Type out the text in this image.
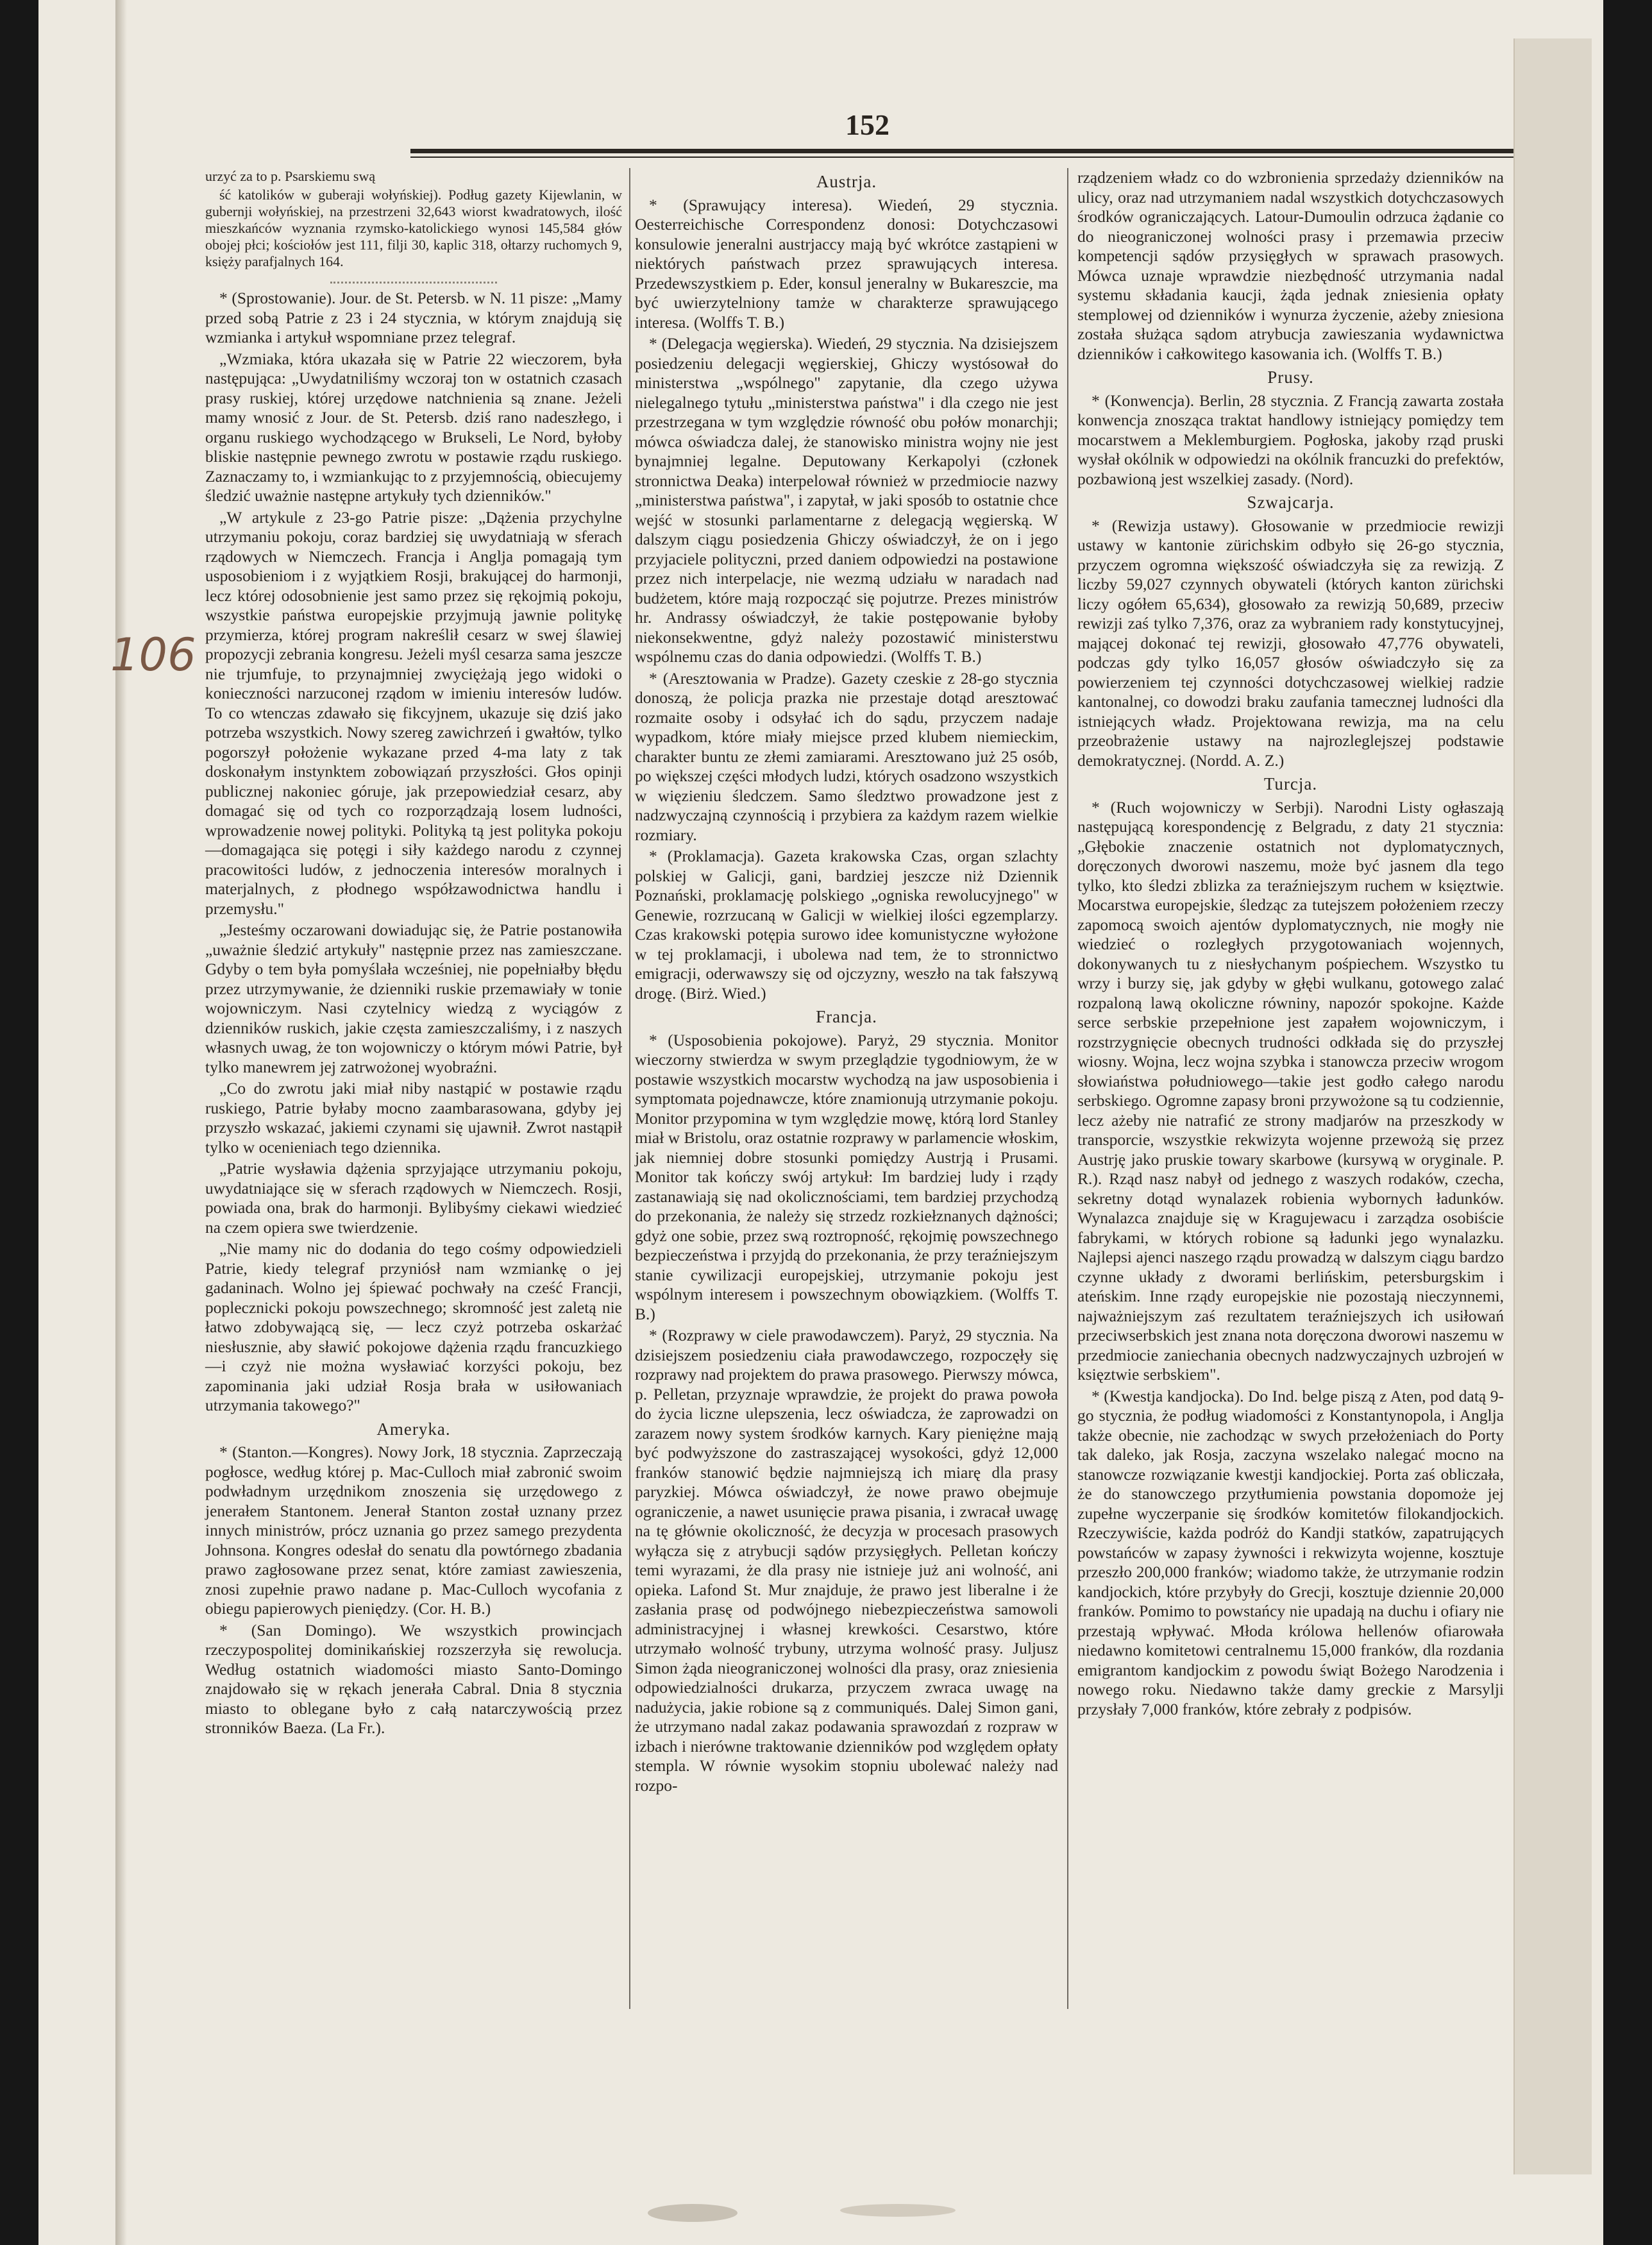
152
106

urzyć za to p. Psarskiemu swą

ść katolików w guberaji wołyńskiej). Podług gazety Kijewlanin, w gubernji wołyńskiej, na przestrzeni 32,643 wiorst kwadratowych, ilość mieszkańców wyznania rzymsko-katolickiego wynosi 145,584 głów obojej płci; kościołów jest 111, filji 30, kaplic 318, ołtarzy ruchomych 9, księży parafjalnych 164.

* (Sprostowanie). Jour. de St. Petersb. w N. 11 pisze: „Mamy przed sobą Patrie z 23 i 24 stycznia, w którym znajdują się wzmianka i artykuł wspomniane przez telegraf.

„Wzmiaka, która ukazała się w Patrie 22 wieczorem, była następująca: „Uwydatniliśmy wczoraj ton w ostatnich czasach prasy ruskiej, której urzędowe natchnienia są znane. Jeżeli mamy wnosić z Jour. de St. Petersb. dziś rano nadeszłego, i organu ruskiego wychodzącego w Brukseli, Le Nord, byłoby bliskie następnie pewnego zwrotu w postawie rządu ruskiego. Zaznaczamy to, i wzmiankując to z przyjemnością, obiecujemy śledzić uważnie następne artykuły tych dzienników."

„W artykule z 23-go Patrie pisze: „Dążenia przychylne utrzymaniu pokoju, coraz bardziej się uwydatniają w sferach rządowych w Niemczech. Francja i Anglja pomagają tym usposobieniom i z wyjątkiem Rosji, brakującej do harmonji, lecz której odosobnienie jest samo przez się rękojmią pokoju, wszystkie państwa europejskie przyjmują jawnie politykę przymierza, której program nakreślił cesarz w swej ślawiej propozycji zebrania kongresu. Jeżeli myśl cesarza sama jeszcze nie trjumfuje, to przynajmniej zwyciężają jego widoki o konieczności narzuconej rządom w imieniu interesów ludów. To co wtenczas zdawało się fikcyjnem, ukazuje się dziś jako potrzeba wszystkich. Nowy szereg zawichrzeń i gwałtów, tylko pogorszył położenie wykazane przed 4-ma laty z tak doskonałym instynktem zobowiązań przyszłości. Głos opinji publicznej nakoniec góruje, jak przepowiedział cesarz, aby domagać się od tych co rozporządzają losem ludności, wprowadzenie nowej polityki. Polityką tą jest polityka pokoju—domagająca się potęgi i siły każdego narodu z czynnej pracowitości ludów, z jednoczenia interesów moralnych i materjalnych, z płodnego współzawodnictwa handlu i przemysłu."

„Jesteśmy oczarowani dowiadując się, że Patrie postanowiła „uważnie śledzić artykuły" następnie przez nas zamieszczane. Gdyby o tem była pomyślała wcześniej, nie popełniałby błędu przez utrzymywanie, że dzienniki ruskie przemawiały w tonie wojowniczym. Nasi czytelnicy wiedzą z wyciągów z dzienników ruskich, jakie częsta zamieszczaliśmy, i z naszych własnych uwag, że ton wojowniczy o którym mówi Patrie, był tylko manewrem jej zatrwożonej wyobraźni.

„Co do zwrotu jaki miał niby nastąpić w postawie rządu ruskiego, Patrie byłaby mocno zaambarasowana, gdyby jej przyszło wskazać, jakiemi czynami się ujawnił. Zwrot nastąpił tylko w ocenieniach tego dziennika.

„Patrie wysławia dążenia sprzyjające utrzymaniu pokoju, uwydatniające się w sferach rządowych w Niemczech. Rosji, powiada ona, brak do harmonji. Bylibyśmy ciekawi wiedzieć na czem opiera swe twierdzenie.

„Nie mamy nic do dodania do tego cośmy odpowiedzieli Patrie, kiedy telegraf przyniósł nam wzmiankę o jej gadaninach. Wolno jej śpiewać pochwały na cześć Francji, poplecznicki pokoju powszechnego; skromność jest zaletą nie łatwo zdobywającą się, — lecz czyż potrzeba oskarżać niesłusznie, aby sławić pokojowe dążenia rządu francuzkiego—i czyż nie można wysławiać korzyści pokoju, bez zapominania jaki udział Rosja brała w usiłowaniach utrzymania takowego?"

Ameryka.

* (Stanton.—Kongres). Nowy Jork, 18 stycznia. Zaprzeczają pogłosce, według której p. Mac-Culloch miał zabronić swoim podwładnym urzędnikom znoszenia się urzędowego z jenerałem Stantonem. Jenerał Stanton został uznany przez innych ministrów, prócz uznania go przez samego prezydenta Johnsona. Kongres odesłał do senatu dla powtórnego zbadania prawo zagłosowane przez senat, które zamiast zawieszenia, znosi zupełnie prawo nadane p. Mac-Culloch wycofania z obiegu papierowych pieniędzy. (Cor. H. B.)

* (San Domingo). We wszystkich prowincjach rzeczypospolitej dominikańskiej rozszerzyła się rewolucja. Według ostatnich wiadomości miasto Santo-Domingo znajdowało się w rękach jenerała Cabral. Dnia 8 stycznia miasto to oblegane było z całą natarczywością przez stronników Baeza. (La Fr.).

Austrja.

* (Sprawujący interesa). Wiedeń, 29 stycznia. Oesterreichische Correspondenz donosi: Dotychczasowi konsulowie jeneralni austrjaccy mają być wkrótce zastąpieni w niektórych państwach przez sprawujących interesa. Przedewszystkiem p. Eder, konsul jeneralny w Bukareszcie, ma być uwierzytelniony tamże w charakterze sprawującego interesa. (Wolffs T. B.)

* (Delegacja węgierska). Wiedeń, 29 stycznia. Na dzisiejszem posiedzeniu delegacji węgierskiej, Ghiczy wystósował do ministerstwa „wspólnego" zapytanie, dla czego używa nielegalnego tytułu „ministerstwa państwa" i dla czego nie jest przestrzegana w tym względzie równość obu połów monarchji; mówca oświadcza dalej, że stanowisko ministra wojny nie jest bynajmniej legalne. Deputowany Kerkapolyi (członek stronnictwa Deaka) interpelował również w przedmiocie nazwy „ministerstwa państwa", i zapytał, w jaki sposób to ostatnie chce wejść w stosunki parlamentarne z delegacją węgierską. W dalszym ciągu posiedzenia Ghiczy oświadczył, że on i jego przyjaciele polityczni, przed daniem odpowiedzi na postawione przez nich interpelacje, nie wezmą udziału w naradach nad budżetem, które mają rozpocząć się pojutrze. Prezes ministrów hr. Andrassy oświadczył, że takie postępowanie byłoby niekonsekwentne, gdyż należy pozostawić ministerstwu wspólnemu czas do dania odpowiedzi. (Wolffs T. B.)

* (Aresztowania w Pradze). Gazety czeskie z 28-go stycznia donoszą, że policja prazka nie przestaje dotąd aresztować rozmaite osoby i odsyłać ich do sądu, przyczem nadaje wypadkom, które miały miejsce przed klubem niemieckim, charakter buntu ze złemi zamiarami. Aresztowano już 25 osób, po większej części młodych ludzi, których osadzono wszystkich w więzieniu śledczem. Samo śledztwo prowadzone jest z nadzwyczajną czynnością i przybiera za każdym razem wielkie rozmiary.

* (Proklamacja). Gazeta krakowska Czas, organ szlachty polskiej w Galicji, gani, bardziej jeszcze niż Dziennik Poznański, proklamację polskiego „ogniska rewolucyjnego" w Genewie, rozrzucaną w Galicji w wielkiej ilości egzemplarzy. Czas krakowski potępia surowo idee komunistyczne wyłożone w tej proklamacji, i ubolewa nad tem, że to stronnictwo emigracji, oderwawszy się od ojczyzny, weszło na tak fałszywą drogę. (Birż. Wied.)

Francja.

* (Usposobienia pokojowe). Paryż, 29 stycznia. Monitor wieczorny stwierdza w swym przeglądzie tygodniowym, że w postawie wszystkich mocarstw wychodzą na jaw usposobienia i symptomata pojednawcze, które znamionują utrzymanie pokoju. Monitor przypomina w tym względzie mowę, którą lord Stanley miał w Bristolu, oraz ostatnie rozprawy w parlamencie włoskim, jak niemniej dobre stosunki pomiędzy Austrją i Prusami. Monitor tak kończy swój artykuł: Im bardziej ludy i rządy zastanawiają się nad okolicznościami, tem bardziej przychodzą do przekonania, że należy się strzedz rozkiełznanych dążności; gdyż one sobie, przez swą roztropność, rękojmię powszechnego bezpieczeństwa i przyjdą do przekonania, że przy teraźniejszym stanie cywilizacji europejskiej, utrzymanie pokoju jest wspólnym interesem i powszechnym obowiązkiem. (Wolffs T. B.)

* (Rozprawy w ciele prawodawczem). Paryż, 29 stycznia. Na dzisiejszem posiedzeniu ciała prawodawczego, rozpoczęły się rozprawy nad projektem do prawa prasowego. Pierwszy mówca, p. Pelletan, przyznaje wprawdzie, że projekt do prawa powoła do życia liczne ulepszenia, lecz oświadcza, że zaprowadzi on zarazem nowy system środków karnych. Kary pieniężne mają być podwyższone do zastraszającej wysokości, gdyż 12,000 franków stanowić będzie najmniejszą ich miarę dla prasy paryzkiej. Mówca oświadczył, że nowe prawo obejmuje ograniczenie, a nawet usunięcie prawa pisania, i zwracał uwagę na tę głównie okoliczność, że decyzja w procesach prasowych wyłącza się z atrybucji sądów przysięgłych. Pelletan kończy temi wyrazami, że dla prasy nie istnieje już ani wolność, ani opieka. Lafond St. Mur znajduje, że prawo jest liberalne i że zasłania prasę od podwójnego niebezpieczeństwa samowoli administracyjnej i własnej krewkości. Cesarstwo, które utrzymało wolność trybuny, utrzyma wolność prasy. Juljusz Simon żąda nieograniczonej wolności dla prasy, oraz zniesienia odpowiedzialności drukarza, przyczem zwraca uwagę na nadużycia, jakie robione są z communiqués. Dalej Simon gani, że utrzymano nadal zakaz podawania sprawozdań z rozpraw w izbach i nierówne traktowanie dzienników pod względem opłaty stempla. W równie wysokim stopniu ubolewać należy nad rozpo-

rządzeniem władz co do wzbronienia sprzedaży dzienników na ulicy, oraz nad utrzymaniem nadal wszystkich dotychczasowych środków ograniczających. Latour-Dumoulin odrzuca żądanie co do nieograniczonej wolności prasy i przemawia przeciw kompetencji sądów przysięgłych w sprawach prasowych. Mówca uznaje wprawdzie niezbędność utrzymania nadal systemu składania kaucji, żąda jednak zniesienia opłaty stemplowej od dzienników i wynurza życzenie, ażeby zniesiona została służąca sądom atrybucja zawieszania wydawnictwa dzienników i całkowitego kasowania ich. (Wolffs T. B.)

Prusy.

* (Konwencja). Berlin, 28 stycznia. Z Francją zawarta została konwencja znosząca traktat handlowy istniejący pomiędzy tem mocarstwem a Meklemburgiem. Pogłoska, jakoby rząd pruski wysłał okólnik w odpowiedzi na okólnik francuzki do prefektów, pozbawioną jest wszelkiej zasady. (Nord).

Szwajcarja.

* (Rewizja ustawy). Głosowanie w przedmiocie rewizji ustawy w kantonie zürichskim odbyło się 26-go stycznia, przyczem ogromna większość oświadczyła się za rewizją. Z liczby 59,027 czynnych obywateli (których kanton zürichski liczy ogółem 65,634), głosowało za rewizją 50,689, przeciw rewizji zaś tylko 7,376, oraz za wybraniem rady konstytucyjnej, mającej dokonać tej rewizji, głosowało 47,776 obywateli, podczas gdy tylko 16,057 głosów oświadczyło się za powierzeniem tej czynności dotychczasowej wielkiej radzie kantonalnej, co dowodzi braku zaufania tamecznej ludności dla istniejących władz. Projektowana rewizja, ma na celu przeobrażenie ustawy na najrozleglejszej podstawie demokratycznej. (Nordd. A. Z.)

Turcja.

* (Ruch wojowniczy w Serbji). Narodni Listy ogłaszają następującą korespondencję z Belgradu, z daty 21 stycznia: „Głębokie znaczenie ostatnich not dyplomatycznych, doręczonych dworowi naszemu, może być jasnem dla tego tylko, kto śledzi zblizka za teraźniejszym ruchem w księztwie. Mocarstwa europejskie, śledząc za tutejszem położeniem rzeczy zapomocą swoich ajentów dyplomatycznych, nie mogły nie wiedzieć o rozległych przygotowaniach wojennych, dokonywanych tu z niesłychanym pośpiechem. Wszystko tu wrzy i burzy się, jak gdyby w głębi wulkanu, gotowego zalać rozpaloną lawą okoliczne równiny, napozór spokojne. Każde serce serbskie przepełnione jest zapałem wojowniczym, i rozstrzygnięcie obecnych trudności odkłada się do przyszłej wiosny. Wojna, lecz wojna szybka i stanowcza przeciw wrogom słowiaństwa południowego—takie jest godło całego narodu serbskiego. Ogromne zapasy broni przywożone są tu codziennie, lecz ażeby nie natrafić ze strony madjarów na przeszkody w transporcie, wszystkie rekwizyta wojenne przewożą się przez Austrję jako pruskie towary skarbowe (kursywą w oryginale. P. R.). Rząd nasz nabył od jednego z waszych rodaków, czecha, sekretny dotąd wynalazek robienia wybornych ładunków. Wynalazca znajduje się w Kragujewacu i zarządza osobiście fabrykami, w których robione są ładunki jego wynalazku. Najlepsi ajenci naszego rządu prowadzą w dalszym ciągu bardzo czynne układy z dworami berlińskim, petersburgskim i ateńskim. Inne rządy europejskie nie pozostają nieczynnemi, najważniejszym zaś rezultatem teraźniejszych ich usiłowań przeciwserbskich jest znana nota doręczona dworowi naszemu w przedmiocie zaniechania obecnych nadzwyczajnych uzbrojeń w księztwie serbskiem".

* (Kwestja kandjocka). Do Ind. belge piszą z Aten, pod datą 9-go stycznia, że podług wiadomości z Konstantynopola, i Anglja także obecnie, nie zachodząc w swych przełożeniach do Porty tak daleko, jak Rosja, zaczyna wszelako nalegać mocno na stanowcze rozwiązanie kwestji kandjockiej. Porta zaś obliczała, że do stanowczego przytłumienia powstania dopomoże jej zupełne wyczerpanie się środków komitetów filokandjockich. Rzeczywiście, każda podróż do Kandji statków, zapatrujących powstańców w zapasy żywności i rekwizyta wojenne, kosztuje przeszło 200,000 franków; wiadomo także, że utrzymanie rodzin kandjockich, które przybyły do Grecji, kosztuje dziennie 20,000 franków. Pomimo to powstańcy nie upadają na duchu i ofiary nie przestają wpływać. Młoda królowa hellenów ofiarowała niedawno komitetowi centralnemu 15,000 franków, dla rozdania emigrantom kandjockim z powodu świąt Bożego Narodzenia i nowego roku. Niedawno także damy greckie z Marsylji przysłały 7,000 franków, które zebrały z podpisów.
